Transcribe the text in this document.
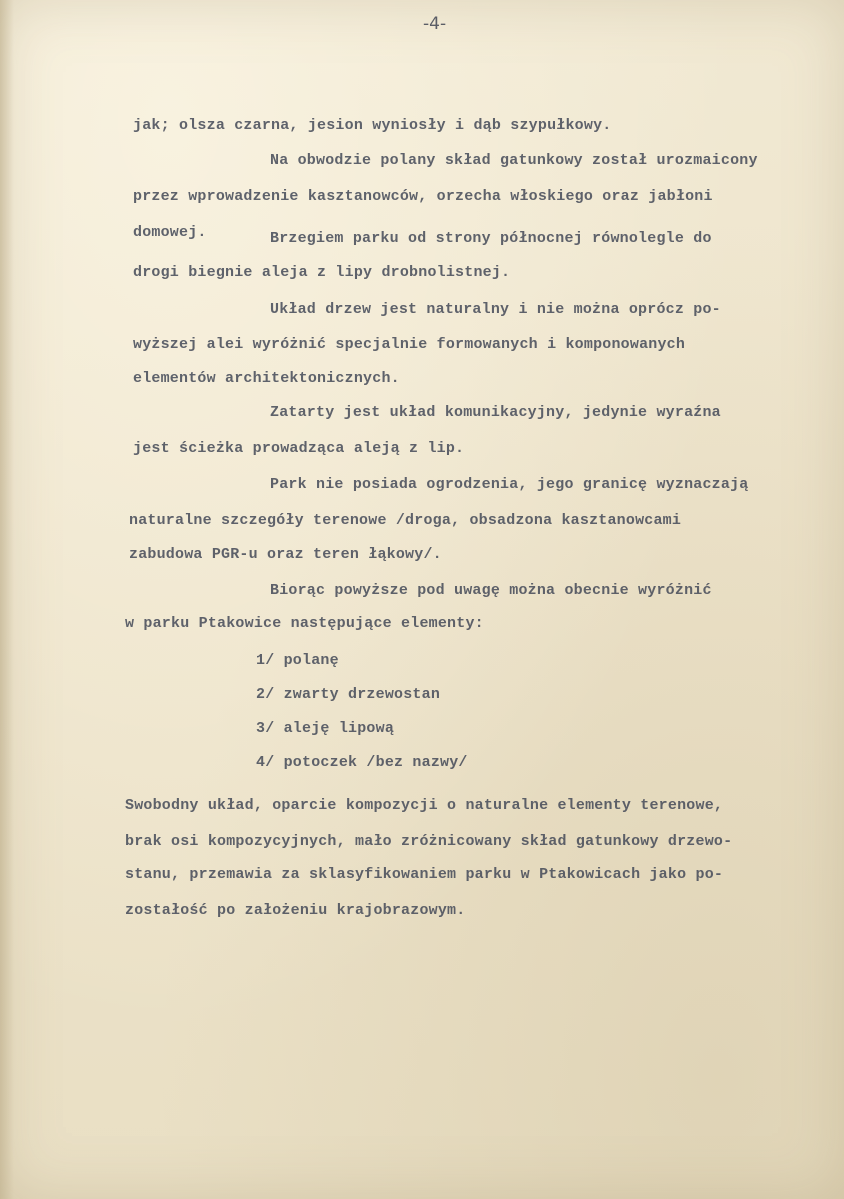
-4-
jak; olsza czarna, jesion wyniosły i dąb szypułkowy.
Na obwodzie polany skład gatunkowy został urozmaicony
przez wprowadzenie kasztanowców, orzecha włoskiego oraz jabłoni
domowej.	Brzegiem parku od strony północnej równolegle do
drogi biegnie aleja z lipy drobnolistnej.
Układ drzew jest naturalny i nie można oprócz po-
wyższej alei wyróżnić specjalnie formowanych i komponowanych
elementów architektonicznych.
Zatarty jest układ komunikacyjny, jedynie wyraźna
jest ścieżka prowadząca aleją z lip.
Park nie posiada ogrodzenia, jego granicę wyznaczają
naturalne szczegóły terenowe /droga, obsadzona kasztanowcami
zabudowa PGR-u oraz teren łąkowy/.
Biorąc powyższe pod uwagę można obecnie wyróżnić
w parku Ptakowice następujące elementy:
1/ polanę
2/ zwarty drzewostan
3/ aleję lipową
4/ potoczek /bez nazwy/
Swobodny układ, oparcie kompozycji o naturalne elementy terenowe,
brak osi kompozycyjnych, mało zróżnicowany skład gatunkowy drzewo-
stanu, przemawia za sklasyfikowaniem parku w Ptakowicach jako po-
zostałość po założeniu krajobrazowym.
